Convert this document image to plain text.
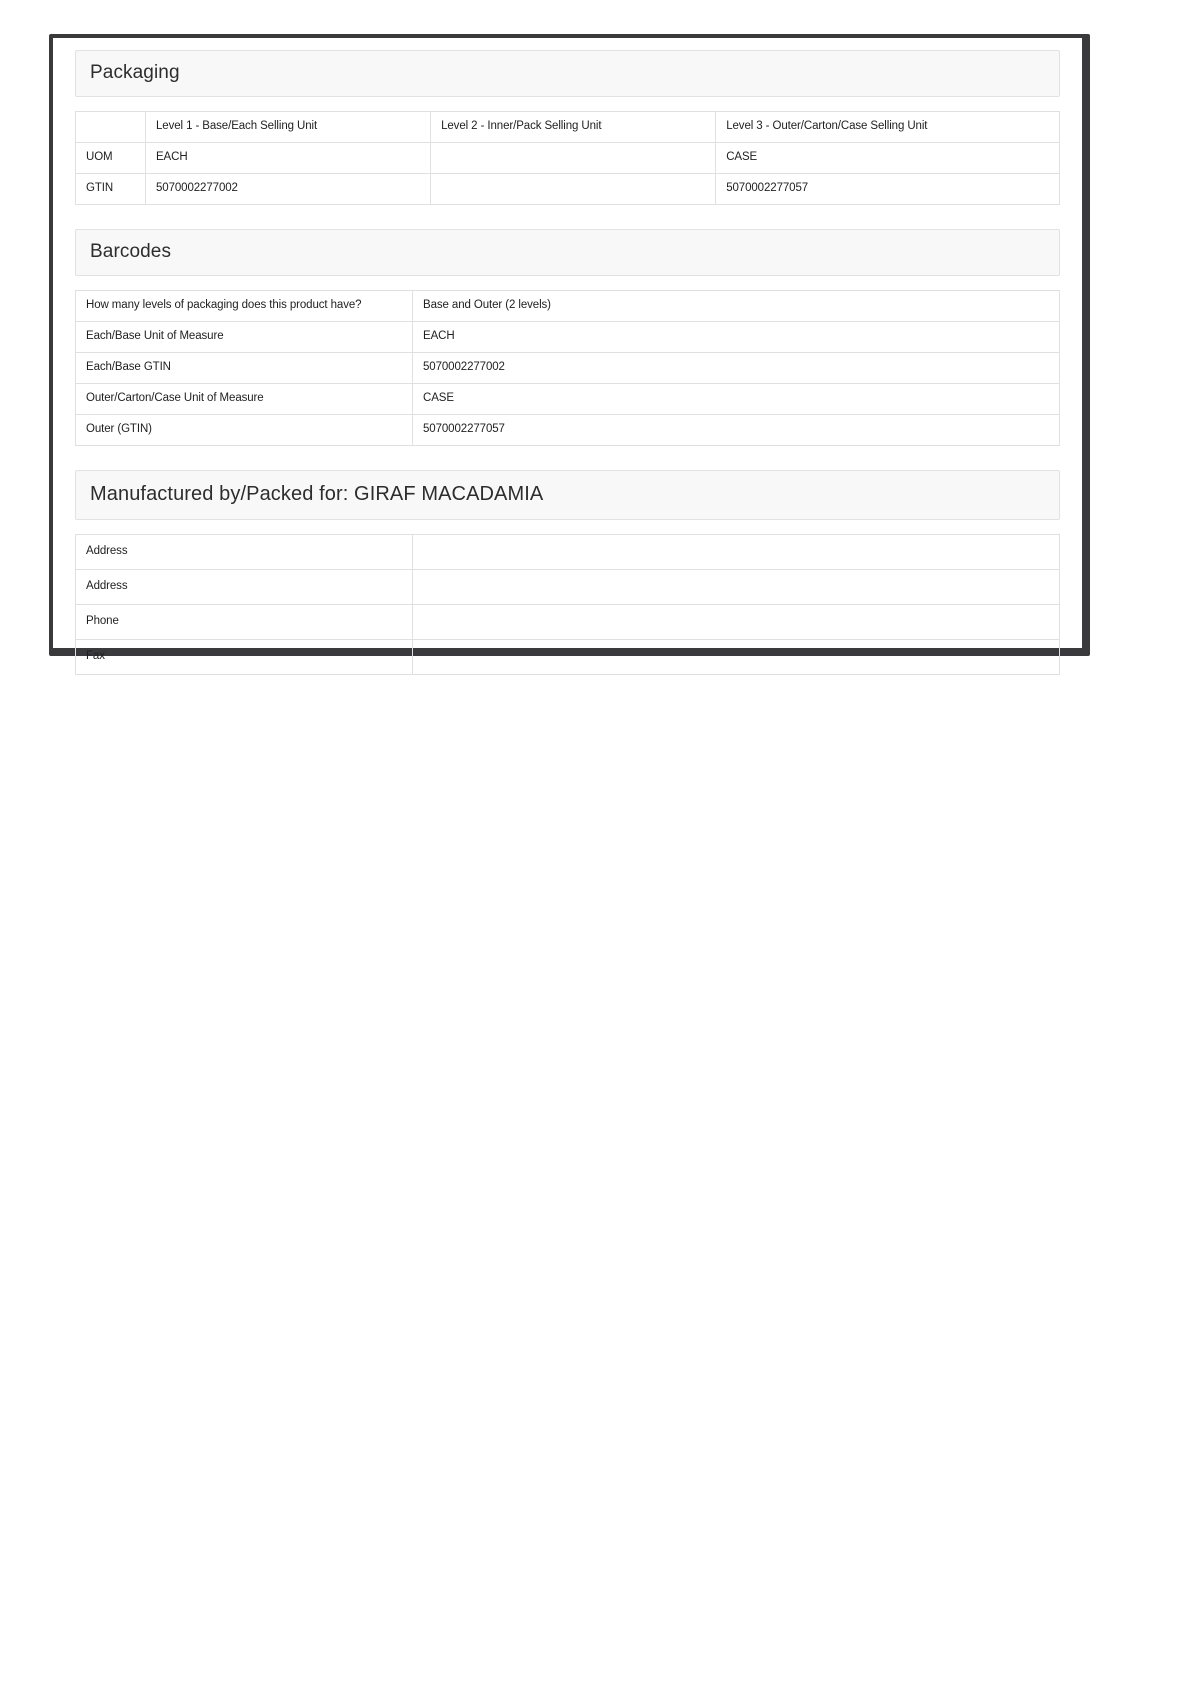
Packaging
	Level 1 - Base/Each Selling Unit	Level 2 - Inner/Pack Selling Unit	Level 3 - Outer/Carton/Case Selling Unit
UOM	EACH		CASE
GTIN	5070002277002		5070002277057
Barcodes
How many levels of packaging does this product have?	Base and Outer (2 levels)
Each/Base Unit of Measure	EACH
Each/Base GTIN	5070002277002
Outer/Carton/Case Unit of Measure	CASE
Outer (GTIN)	5070002277057
Manufactured by/Packed for: GIRAF MACADAMIA
Address	
Address	
Phone	
Fax	
